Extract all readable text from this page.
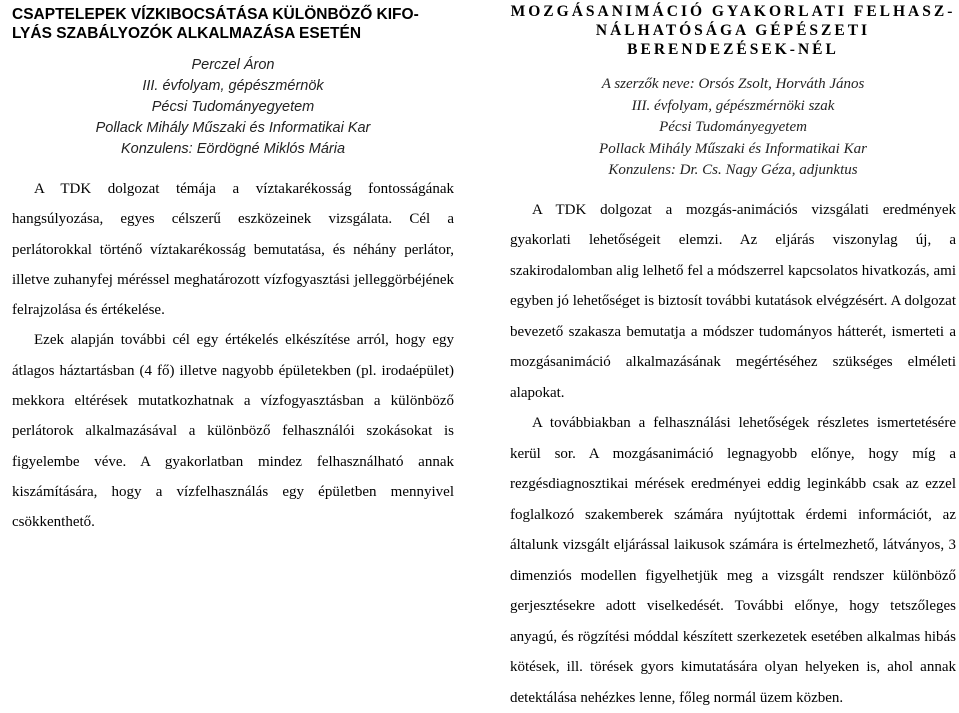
CSAPTELEPEK VÍZKIBOCSÁTÁSA KÜLÖNBÖZŐ KIFO-LYÁS SZABÁLYOZÓK ALKALMAZÁSA ESETÉN
Perczel Áron
III. évfolyam, gépészmérnök
Pécsi Tudományegyetem
Pollack Mihály Műszaki és Informatikai Kar
Konzulens: Eördögné Miklós Mária

A TDK dolgozat témája a víztakarékosság fontosságának hangsúlyozása, egyes célszerű eszközeinek vizsgálata. Cél a perlátorokkal történő víztakarékosság bemutatása, és néhány perlátor, illetve zuhanyfej méréssel meghatározott vízfogyasztási jelleggörbéjének felrajzolása és értékelése.

Ezek alapján további cél egy értékelés elkészítése arról, hogy egy átlagos háztartásban (4 fő) illetve nagyobb épületekben (pl. irodaépület) mekkora eltérések mutatkozhatnak a vízfogyasztásban a különböző perlátorok alkalmazásával a különböző felhasználói szokásokat is figyelembe véve. A gyakorlatban mindez felhasználható annak kiszámítására, hogy a vízfelhasználás egy épületben mennyivel csökkenthető.

MOZGÁSANIMÁCIÓ GYAKORLATI FELHASZ-NÁLHATÓSÁGA GÉPÉSZETI BERENDEZÉSEK-NÉL
A szerzők neve: Orsós Zsolt, Horváth János
III. évfolyam, gépészmérnöki szak
Pécsi Tudományegyetem
Pollack Mihály Műszaki és Informatikai Kar
Konzulens: Dr. Cs. Nagy Géza, adjunktus

A TDK dolgozat a mozgás-animációs vizsgálati eredmények gyakorlati lehetőségeit elemzi. Az eljárás viszonylag új, a szakirodalomban alig lelhető fel a módszerrel kapcsolatos hivatkozás, ami egyben jó lehetőséget is biztosít további kutatások elvégzésért. A dolgozat bevezető szakasza bemutatja a módszer tudományos hátterét, ismerteti a mozgásanimáció alkalmazásának megértéséhez szükséges elméleti alapokat.

A továbbiakban a felhasználási lehetőségek részletes ismertetésére kerül sor. A mozgásanimáció legnagyobb előnye, hogy míg a rezgésdiagnosztikai mérések eredményei eddig leginkább csak az ezzel foglalkozó szakemberek számára nyújtottak érdemi információt, az általunk vizsgált eljárással laikusok számára is értelmezhető, látványos, 3 dimenziós modellen figyelhetjük meg a vizsgált rendszer különböző gerjesztésekre adott viselkedését. További előnye, hogy tetszőleges anyagú, és rögzítési móddal készített szerkezetek esetében alkalmas hibás kötések, ill. törések gyors kimutatására olyan helyeken is, ahol annak detektálása nehézkes lenne, főleg normál üzem közben.
